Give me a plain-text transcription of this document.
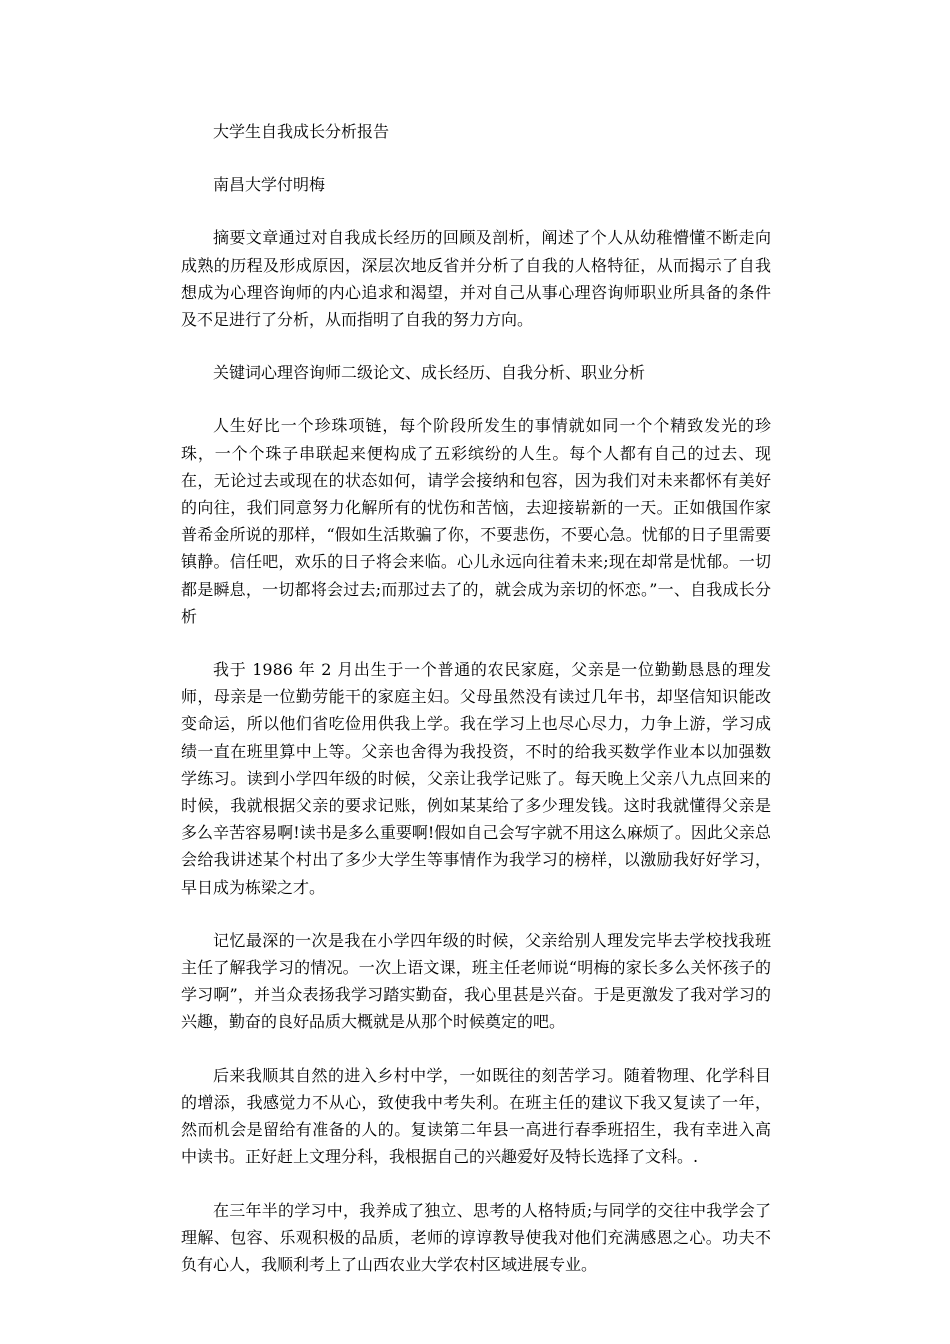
大学生自我成长分析报告

南昌大学付明梅

摘要文章通过对自我成长经历的回顾及剖析，阐述了个人从幼稚懵懂不断走向成熟的历程及形成原因，深层次地反省并分析了自我的人格特征，从而揭示了自我想成为心理咨询师的内心追求和渴望，并对自己从事心理咨询师职业所具备的条件及不足进行了分析，从而指明了自我的努力方向。

关键词心理咨询师二级论文、成长经历、自我分析、职业分析

人生好比一个珍珠项链，每个阶段所发生的事情就如同一个个精致发光的珍珠，一个个珠子串联起来便构成了五彩缤纷的人生。每个人都有自己的过去、现在，无论过去或现在的状态如何，请学会接纳和包容，因为我们对未来都怀有美好的向往，我们同意努力化解所有的忧伤和苦恼，去迎接崭新的一天。正如俄国作家普希金所说的那样，“假如生活欺骗了你，不要悲伤，不要心急。忧郁的日子里需要镇静。信任吧，欢乐的日子将会来临。心儿永远向往着未来;现在却常是忧郁。一切都是瞬息，一切都将会过去;而那过去了的，就会成为亲切的怀恋。”一、自我成长分析

我于 1986 年 2 月出生于一个普通的农民家庭，父亲是一位勤勤恳恳的理发师，母亲是一位勤劳能干的家庭主妇。父母虽然没有读过几年书，却坚信知识能改变命运，所以他们省吃俭用供我上学。我在学习上也尽心尽力，力争上游，学习成绩一直在班里算中上等。父亲也舍得为我投资，不时的给我买数学作业本以加强数学练习。读到小学四年级的时候，父亲让我学记账了。每天晚上父亲八九点回来的时候，我就根据父亲的要求记账，例如某某给了多少理发钱。这时我就懂得父亲是多么辛苦容易啊!读书是多么重要啊!假如自己会写字就不用这么麻烦了。因此父亲总会给我讲述某个村出了多少大学生等事情作为我学习的榜样，以激励我好好学习，早日成为栋梁之才。

记忆最深的一次是我在小学四年级的时候，父亲给别人理发完毕去学校找我班主任了解我学习的情况。一次上语文课，班主任老师说“明梅的家长多么关怀孩子的学习啊”，并当众表扬我学习踏实勤奋，我心里甚是兴奋。于是更激发了我对学习的兴趣，勤奋的良好品质大概就是从那个时候奠定的吧。

后来我顺其自然的进入乡村中学，一如既往的刻苦学习。随着物理、化学科目的增添，我感觉力不从心，致使我中考失利。在班主任的建议下我又复读了一年，然而机会是留给有准备的人的。复读第二年县一高进行春季班招生，我有幸进入高中读书。正好赶上文理分科，我根据自己的兴趣爱好及特长选择了文科。.

在三年半的学习中，我养成了独立、思考的人格特质;与同学的交往中我学会了理解、包容、乐观积极的品质，老师的谆谆教导使我对他们充满感恩之心。功夫不负有心人，我顺利考上了山西农业大学农村区域进展专业。
